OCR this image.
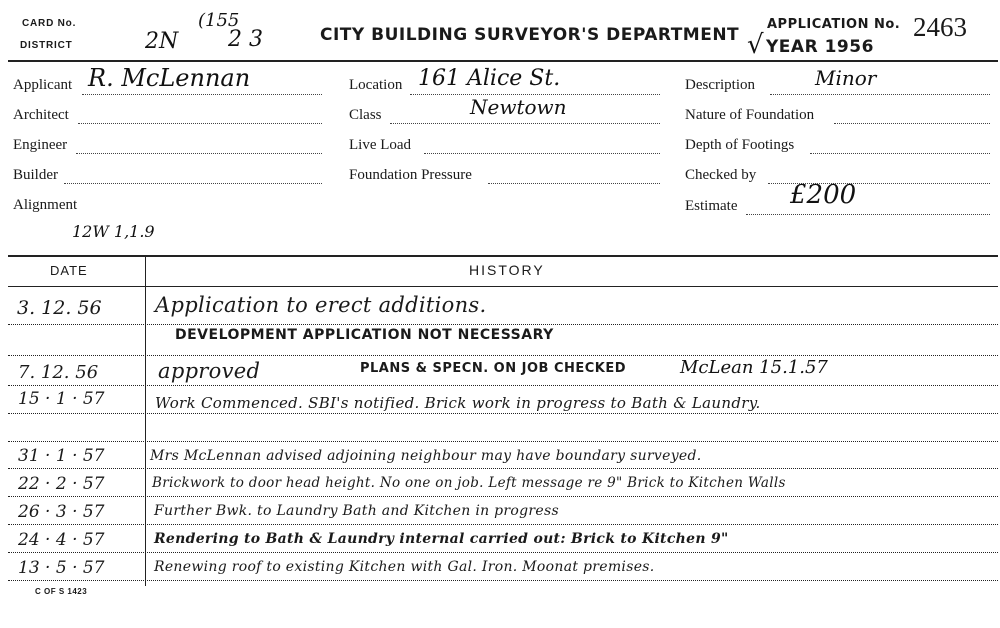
CARD No.
DISTRICT
(155
2N 2 3	CITY BUILDING SURVEYOR'S DEPARTMENT
APPLICATION No. 2463
√ YEAR 1956
Applicant R. McLennan
Architect
Engineer
Builder
Alignment
12W 1,1.9
Location 161 Alice St.
Class	Newtown
Live Load
Foundation Pressure
Description	Minor
Nature of Foundation
Depth of Footings
Checked by
Estimate £200
DATE	HISTORY
3. 12. 56	Application to erect additions.
DEVELOPMENT APPLICATION NOT NECESSARY
7. 12. 56	approved	PLANS & SPECN. ON JOB CHECKED	McLean 15.1.57
15 · 1 · 57	Work Commenced. SBI's notified. Brick work in progress to Bath & Laundry.
31 · 1 · 57	Mrs McLennan advised adjoining neighbour may have boundary surveyed.
22 · 2 · 57	Brickwork to door head height. No one on job. Left message re 9" Brick to Kitchen Walls
26 · 3 · 57	Further Bwk. to Laundry Bath and Kitchen in progress
24 · 4 · 57	Rendering to Bath & Laundry internal carried out: Brick to Kitchen 9"
13 · 5 · 57	Renewing roof to existing Kitchen with Gal. Iron. Moonat premises.
C OF S 1423
